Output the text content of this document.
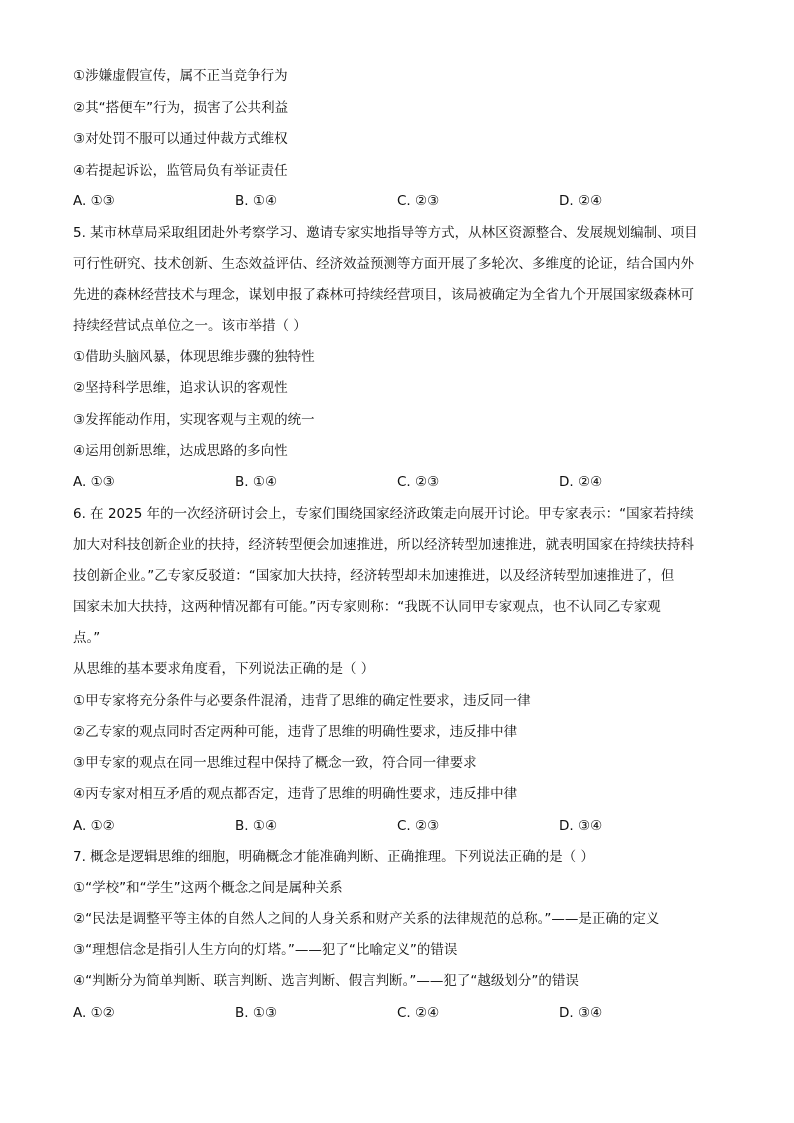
①涉嫌虚假宣传，属不正当竞争行为
②其“搭便车”行为，损害了公共利益
③对处罚不服可以通过仲裁方式维权
④若提起诉讼，监管局负有举证责任
A. ①③	B. ①④	C. ②③	D. ②④
5. 某市林草局采取组团赴外考察学习、邀请专家实地指导等方式，从林区资源整合、发展规划编制、项目
可行性研究、技术创新、生态效益评估、经济效益预测等方面开展了多轮次、多维度的论证，结合国内外
先进的森林经营技术与理念，谋划申报了森林可持续经营项目，该局被确定为全省九个开展国家级森林可
持续经营试点单位之一。该市举措（ ）
①借助头脑风暴，体现思维步骤的独特性
②坚持科学思维，追求认识的客观性
③发挥能动作用，实现客观与主观的统一
④运用创新思维，达成思路的多向性
A. ①③	B. ①④	C. ②③	D. ②④
6. 在 2025 年的一次经济研讨会上，专家们围绕国家经济政策走向展开讨论。甲专家表示：“国家若持续
加大对科技创新企业的扶持，经济转型便会加速推进，所以经济转型加速推进，就表明国家在持续扶持科
技创新企业。”乙专家反驳道：“国家加大扶持，经济转型却未加速推进，以及经济转型加速推进了，但
国家未加大扶持，这两种情况都有可能。”丙专家则称：“我既不认同甲专家观点，也不认同乙专家观
点。”
从思维的基本要求角度看，下列说法正确的是（ ）
①甲专家将充分条件与必要条件混淆，违背了思维的确定性要求，违反同一律
②乙专家的观点同时否定两种可能，违背了思维的明确性要求，违反排中律
③甲专家的观点在同一思维过程中保持了概念一致，符合同一律要求
④丙专家对相互矛盾的观点都否定，违背了思维的明确性要求，违反排中律
A. ①②	B. ①④	C. ②③	D. ③④
7. 概念是逻辑思维的细胞，明确概念才能准确判断、正确推理。下列说法正确的是（ ）
①“学校”和“学生”这两个概念之间是属种关系
②“民法是调整平等主体的自然人之间的人身关系和财产关系的法律规范的总称。”——是正确的定义
③“理想信念是指引人生方向的灯塔。”——犯了“比喻定义”的错误
④“判断分为简单判断、联言判断、选言判断、假言判断。”——犯了“越级划分”的错误
A. ①②	B. ①③	C. ②④	D. ③④
